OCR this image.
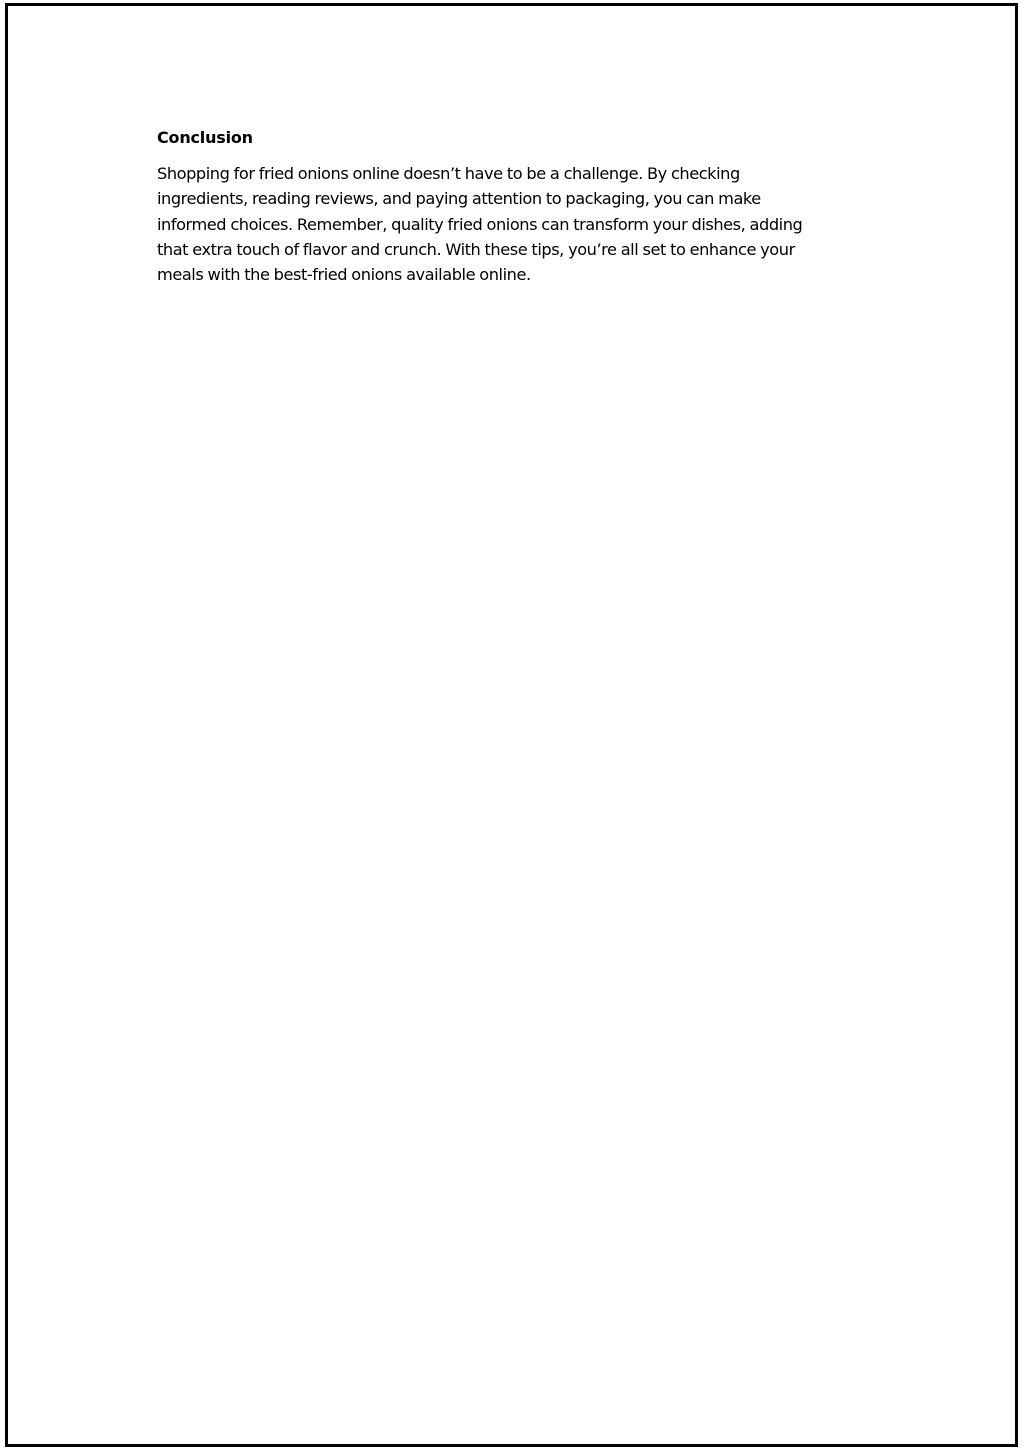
Conclusion

Shopping for fried onions online doesn’t have to be a challenge. By checking
ingredients, reading reviews, and paying attention to packaging, you can make
informed choices. Remember, quality fried onions can transform your dishes, adding
that extra touch of flavor and crunch. With these tips, you’re all set to enhance your
meals with the best-fried onions available online.
